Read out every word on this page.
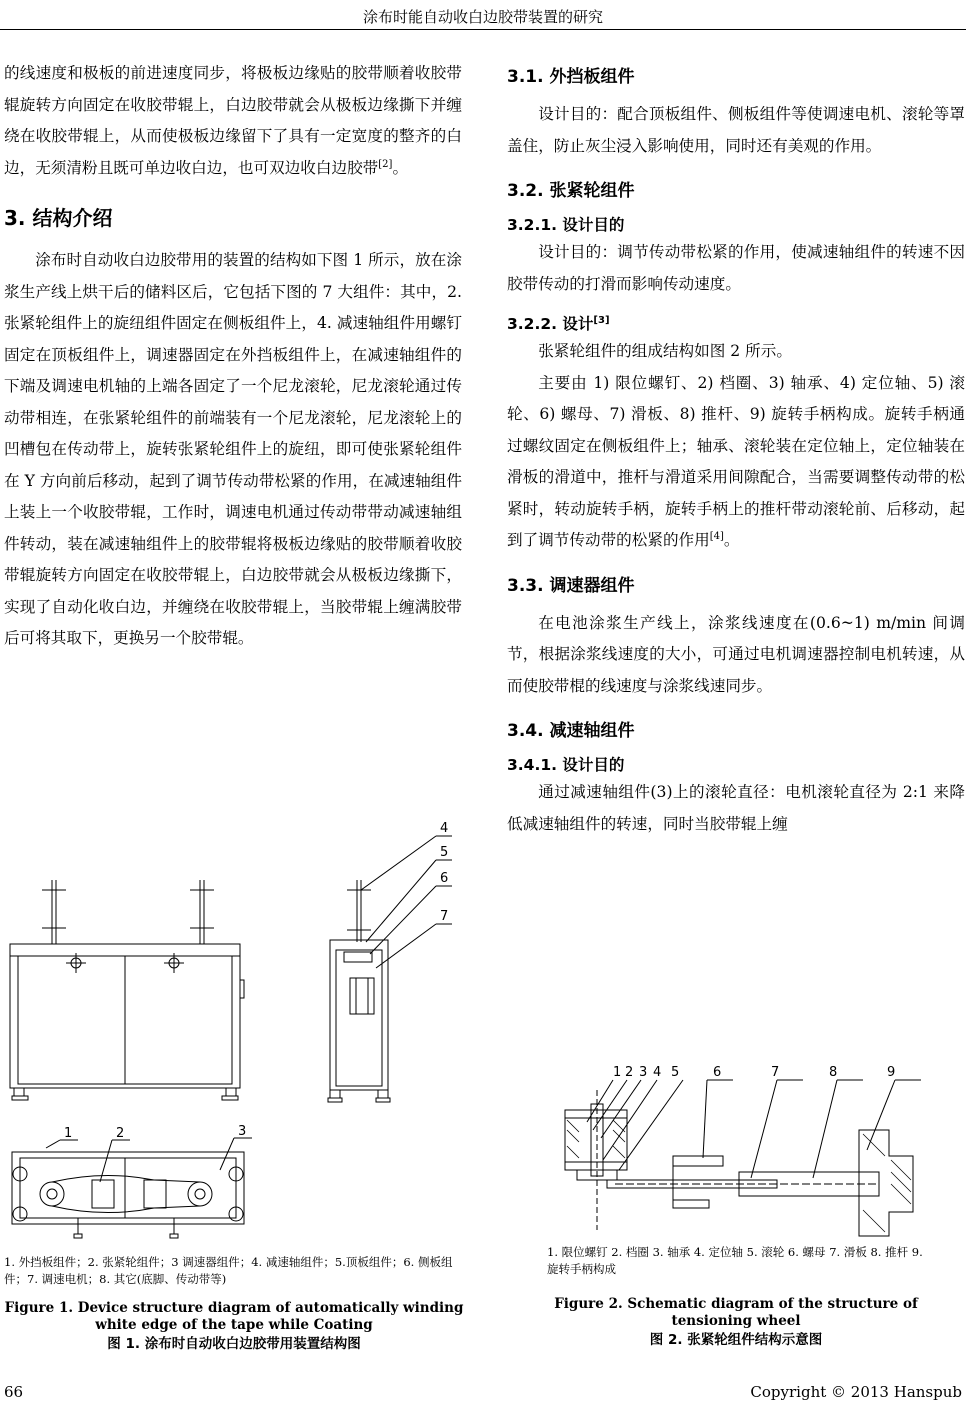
涂布时能自动收白边胶带装置的研究

的线速度和极板的前进速度同步，将极板边缘贴的胶带顺着收胶带辊旋转方向固定在收胶带辊上，白边胶带就会从极板边缘撕下并缠绕在收胶带辊上，从而使极板边缘留下了具有一定宽度的整齐的白边，无须清粉且既可单边收白边，也可双边收白边胶带[2]。

3. 结构介绍

涂布时自动收白边胶带用的装置的结构如下图 1 所示，放在涂浆生产线上烘干后的储料区后，它包括下图的 7 大组件：其中，2. 张紧轮组件上的旋纽组件固定在侧板组件上，4. 减速轴组件用螺钉固定在顶板组件上，调速器固定在外挡板组件上，在减速轴组件的下端及调速电机轴的上端各固定了一个尼龙滚轮，尼龙滚轮通过传动带相连，在张紧轮组件的前端装有一个尼龙滚轮，尼龙滚轮上的凹槽包在传动带上，旋转张紧轮组件上的旋纽，即可使张紧轮组件在 Y 方向前后移动，起到了调节传动带松紧的作用，在减速轴组件上装上一个收胶带辊，工作时，调速电机通过传动带带动减速轴组件转动，装在减速轴组件上的胶带辊将极板边缘贴的胶带顺着收胶带辊旋转方向固定在收胶带辊上，白边胶带就会从极板边缘撕下，实现了自动化收白边，并缠绕在收胶带辊上，当胶带辊上缠满胶带后可将其取下，更换另一个胶带辊。

1	2	3
4
5
6
7

1. 外挡板组件；2. 张紧轮组件；3 调速器组件；4. 减速轴组件；5.顶板组件；6. 侧板组件；7. 调速电机；8. 其它(底脚、传动带等)

Figure 1. Device structure diagram of automatically winding white edge of the tape while Coating

图 1. 涂布时自动收白边胶带用装置结构图

3.1. 外挡板组件

设计目的：配合顶板组件、侧板组件等使调速电机、滚轮等罩盖住，防止灰尘浸入影响使用，同时还有美观的作用。

3.2. 张紧轮组件

3.2.1. 设计目的

设计目的：调节传动带松紧的作用，使减速轴组件的转速不因胶带传动的打滑而影响传动速度。

3.2.2. 设计[3]

张紧轮组件的组成结构如图 2 所示。

主要由 1) 限位螺钉、2) 档圈、3) 轴承、4) 定位轴、5) 滚轮、6) 螺母、7) 滑板、8) 推杆、9) 旋转手柄构成。旋转手柄通过螺纹固定在侧板组件上；轴承、滚轮装在定位轴上，定位轴装在滑板的滑道中，推杆与滑道采用间隙配合，当需要调整传动带的松紧时，转动旋转手柄，旋转手柄上的推杆带动滚轮前、后移动，起到了调节传动带的松紧的作用[4]。

3.3. 调速器组件

在电池涂浆生产线上，涂浆线速度在(0.6~1) m/min 间调节，根据涂浆线速度的大小，可通过电机调速器控制电机转速，从而使胶带棍的线速度与涂浆线速同步。

3.4. 减速轴组件

3.4.1. 设计目的

通过减速轴组件(3)上的滚轮直径：电机滚轮直径为 2:1 来降低减速轴组件的转速，同时当胶带辊上缠

1 2 3 4 5	6	7	8	9

1. 限位螺钉 2. 档圈 3. 轴承 4. 定位轴 5. 滚轮 6. 螺母 7. 滑板 8. 推杆 9.旋转手柄构成

Figure 2. Schematic diagram of the structure of tensioning wheel

图 2. 张紧轮组件结构示意图

66	Copyright © 2013 Hanspub
